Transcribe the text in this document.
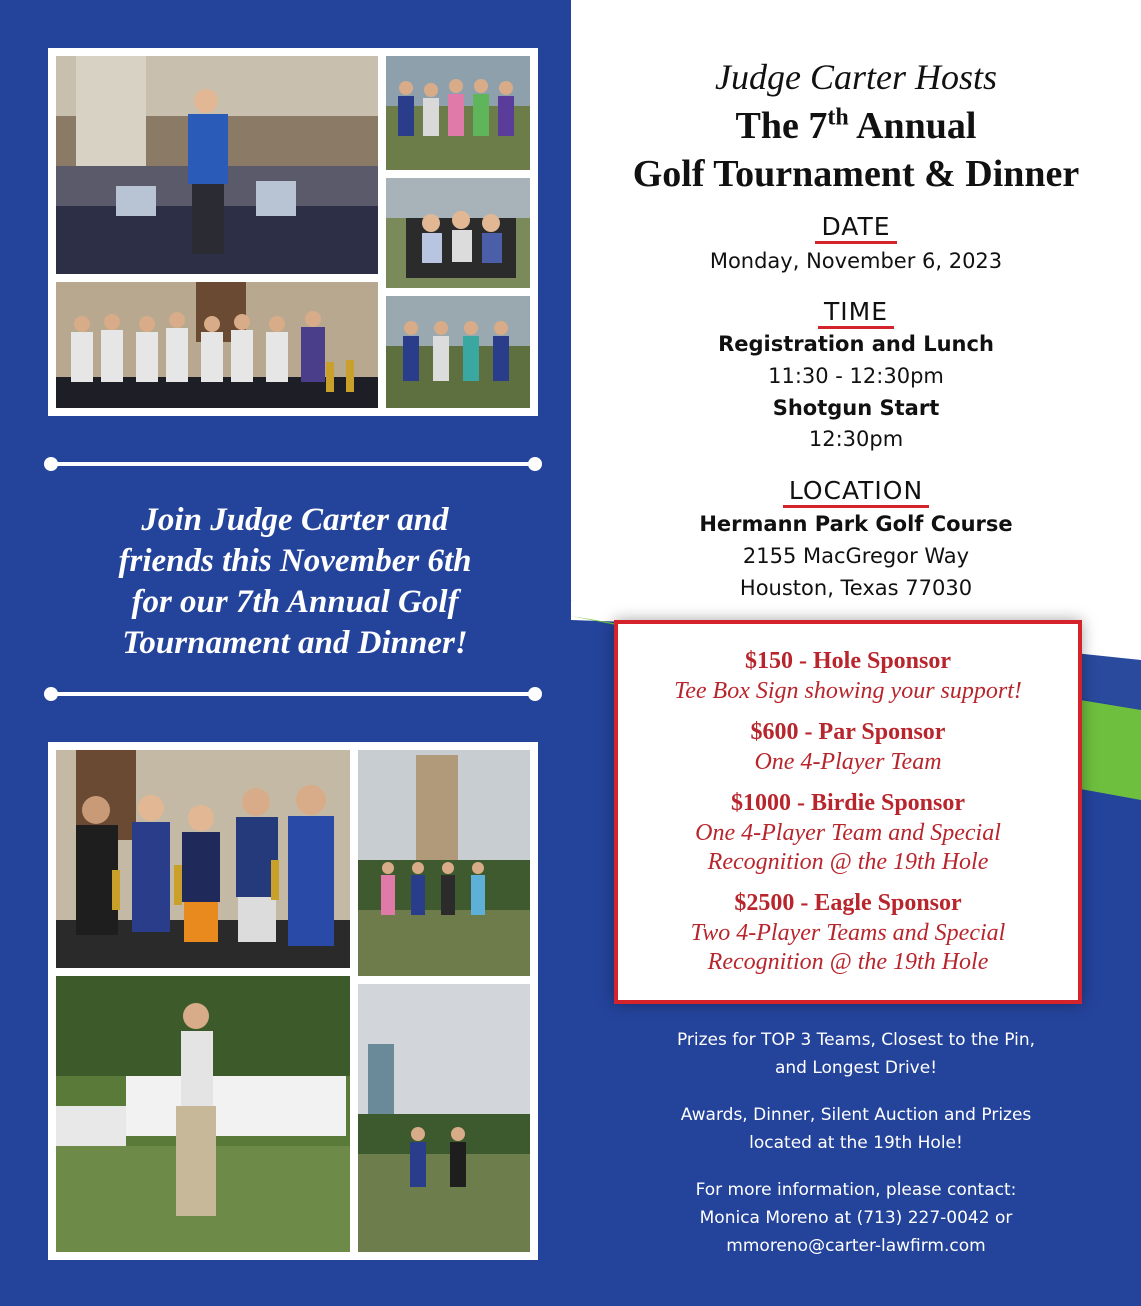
Join Judge Carter and
friends this November 6th
for our 7th Annual Golf
Tournament and Dinner!
Judge Carter Hosts
The 7th Annual
Golf Tournament & Dinner
DATE
Monday, November 6, 2023
TIME
Registration and Lunch
11:30 - 12:30pm
Shotgun Start
12:30pm
LOCATION
Hermann Park Golf Course
2155 MacGregor Way
Houston, Texas 77030
$150 - Hole Sponsor
Tee Box Sign showing your support!
$600 - Par Sponsor
One 4-Player Team
$1000 - Birdie Sponsor
One 4-Player Team and Special
Recognition @ the 19th Hole
$2500 - Eagle Sponsor
Two 4-Player Teams and Special
Recognition @ the 19th Hole
Prizes for TOP 3 Teams, Closest to the Pin,
and Longest Drive!
Awards, Dinner, Silent Auction and Prizes
located at the 19th Hole!
For more information, please contact:
Monica Moreno at (713) 227-0042 or
mmoreno@carter-lawfirm.com
